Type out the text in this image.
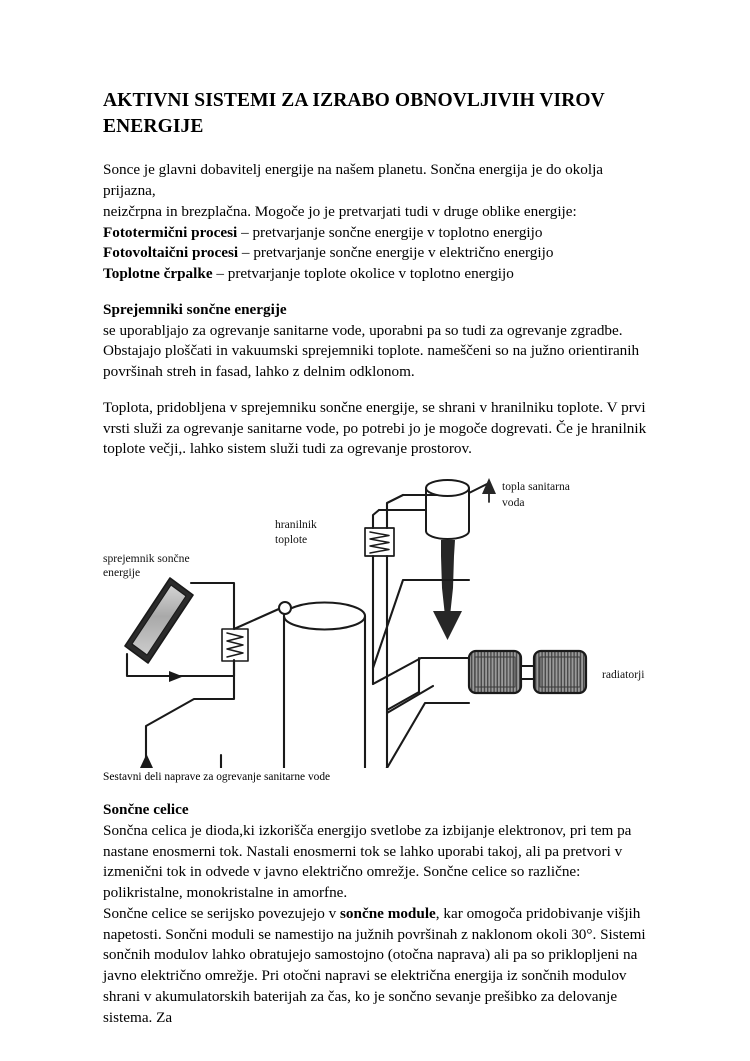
AKTIVNI SISTEMI ZA IZRABO OBNOVLJIVIH VIROV ENERGIJE

Sonce je glavni dobavitelj energije na našem planetu. Sončna energija je do okolja prijazna,
neizčrpna in brezplačna. Mogoče jo je pretvarjati tudi v druge oblike energije:
Fototermični procesi – pretvarjanje sončne energije v toplotno energijo
Fotovoltaični procesi – pretvarjanje sončne energije v električno energijo
Toplotne črpalke – pretvarjanje toplote okolice v toplotno energijo

Sprejemniki sončne energije

se uporabljajo za ogrevanje sanitarne vode, uporabni pa so tudi za ogrevanje zgradbe. Obstajajo ploščati in vakuumski sprejemniki toplote. nameščeni so na južno orientiranih površinah streh in fasad, lahko z delnim odklonom.

Toplota, pridobljena v sprejemniku sončne energije, se shrani v hranilniku toplote. V prvi vrsti služi za ogrevanje sanitarne vode, po potrebi jo je mogoče dogrevati. Če je hranilnik toplote večji,. lahko sistem služi tudi za ogrevanje prostorov.

sprejemnik sončne
energije
hranilnik
toplote
topla sanitarna
voda
radiatorji

Sestavni deli naprave za ogrevanje sanitarne vode

Sončne celice

Sončna celica je dioda,ki izkorišča energijo svetlobe za izbijanje elektronov, pri tem pa nastane enosmerni tok. Nastali enosmerni tok se lahko uporabi takoj, ali pa pretvori v izmenični tok in odvede v javno električno omrežje. Sončne celice so različne: polikristalne, monokristalne in amorfne.

Sončne celice se serijsko povezujejo v sončne module, kar omogoča pridobivanje višjih napetosti. Sončni moduli se namestijo na južnih površinah z naklonom okoli 30°. Sistemi sončnih modulov lahko obratujejo samostojno (otočna naprava) ali pa so priklopljeni na javno električno omrežje. Pri otočni napravi se električna energija iz sončnih modulov shrani v akumulatorskih baterijah za čas, ko je sončno sevanje prešibko za delovanje sistema. Za
